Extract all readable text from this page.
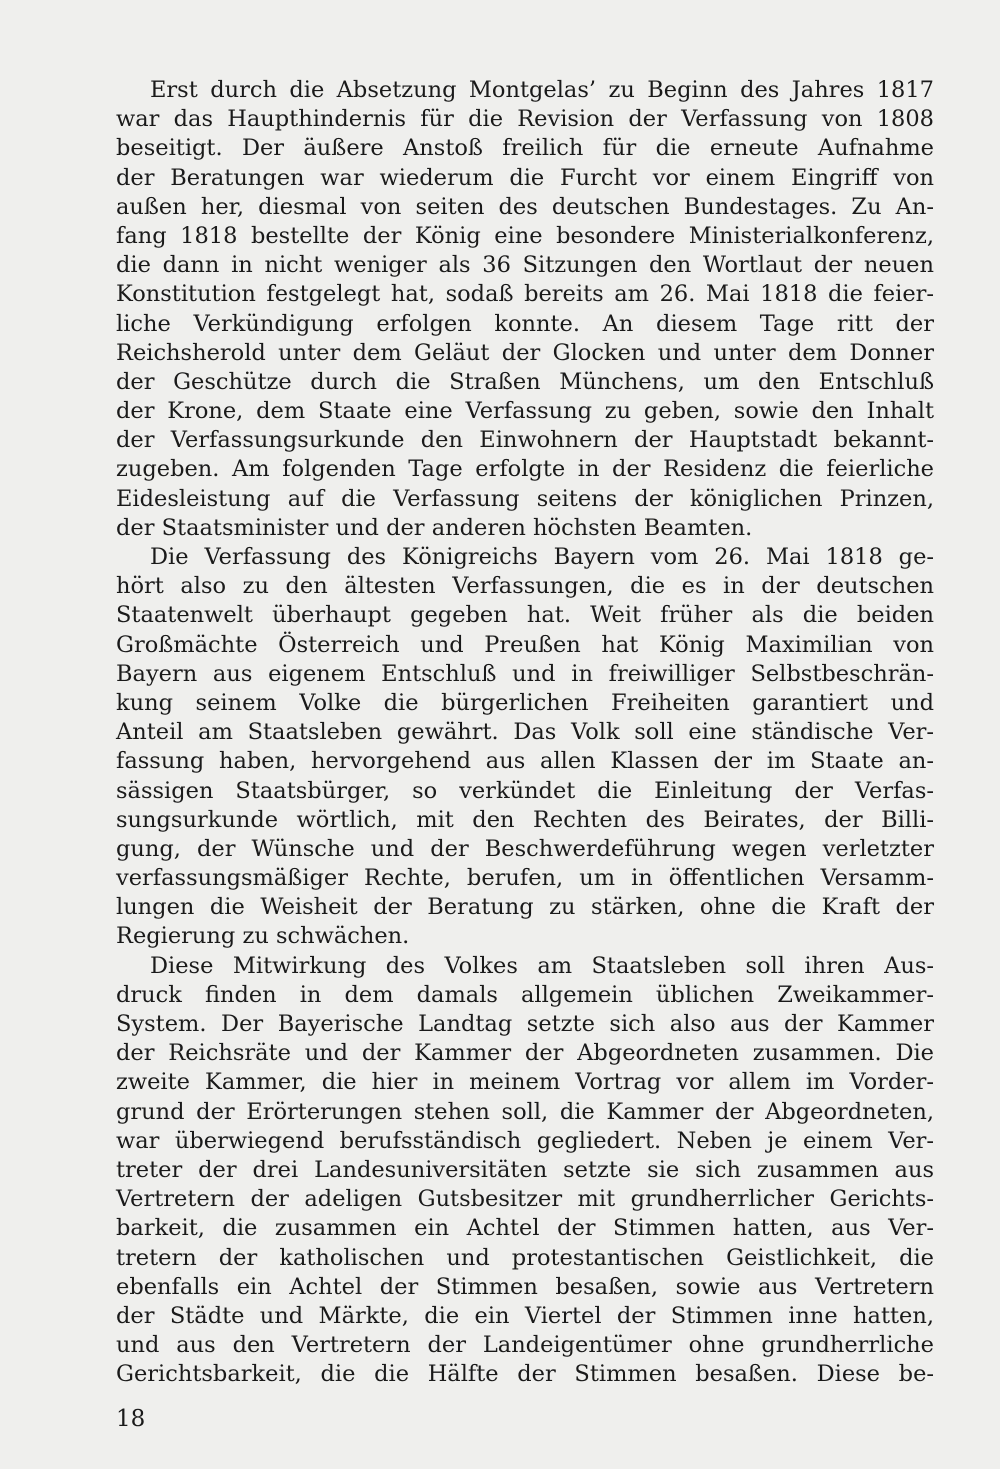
Erst durch die Absetzung Montgelas’ zu Beginn des Jahres 1817
war das Haupthindernis für die Revision der Verfassung von 1808
beseitigt. Der äußere Anstoß freilich für die erneute Aufnahme
der Beratungen war wiederum die Furcht vor einem Eingriff von
außen her, diesmal von seiten des deutschen Bundestages. Zu An-
fang 1818 bestellte der König eine besondere Ministerialkonferenz,
die dann in nicht weniger als 36 Sitzungen den Wortlaut der neuen
Konstitution festgelegt hat, sodaß bereits am 26. Mai 1818 die feier-
liche Verkündigung erfolgen konnte. An diesem Tage ritt der
Reichsherold unter dem Geläut der Glocken und unter dem Donner
der Geschütze durch die Straßen Münchens, um den Entschluß
der Krone, dem Staate eine Verfassung zu geben, sowie den Inhalt
der Verfassungsurkunde den Einwohnern der Hauptstadt bekannt-
zugeben. Am folgenden Tage erfolgte in der Residenz die feierliche
Eidesleistung auf die Verfassung seitens der königlichen Prinzen,
der Staatsminister und der anderen höchsten Beamten.
Die Verfassung des Königreichs Bayern vom 26. Mai 1818 ge-
hört also zu den ältesten Verfassungen, die es in der deutschen
Staatenwelt überhaupt gegeben hat. Weit früher als die beiden
Großmächte Österreich und Preußen hat König Maximilian von
Bayern aus eigenem Entschluß und in freiwilliger Selbstbeschrän-
kung seinem Volke die bürgerlichen Freiheiten garantiert und
Anteil am Staatsleben gewährt. Das Volk soll eine ständische Ver-
fassung haben, hervorgehend aus allen Klassen der im Staate an-
sässigen Staatsbürger, so verkündet die Einleitung der Verfas-
sungsurkunde wörtlich, mit den Rechten des Beirates, der Billi-
gung, der Wünsche und der Beschwerdeführung wegen verletzter
verfassungsmäßiger Rechte, berufen, um in öffentlichen Versamm-
lungen die Weisheit der Beratung zu stärken, ohne die Kraft der
Regierung zu schwächen.
Diese Mitwirkung des Volkes am Staatsleben soll ihren Aus-
druck finden in dem damals allgemein üblichen Zweikammer-
System. Der Bayerische Landtag setzte sich also aus der Kammer
der Reichsräte und der Kammer der Abgeordneten zusammen. Die
zweite Kammer, die hier in meinem Vortrag vor allem im Vorder-
grund der Erörterungen stehen soll, die Kammer der Abgeordneten,
war überwiegend berufsständisch gegliedert. Neben je einem Ver-
treter der drei Landesuniversitäten setzte sie sich zusammen aus
Vertretern der adeligen Gutsbesitzer mit grundherrlicher Gerichts-
barkeit, die zusammen ein Achtel der Stimmen hatten, aus Ver-
tretern der katholischen und protestantischen Geistlichkeit, die
ebenfalls ein Achtel der Stimmen besaßen, sowie aus Vertretern
der Städte und Märkte, die ein Viertel der Stimmen inne hatten,
und aus den Vertretern der Landeigentümer ohne grundherrliche
Gerichtsbarkeit, die die Hälfte der Stimmen besaßen. Diese be-
18
